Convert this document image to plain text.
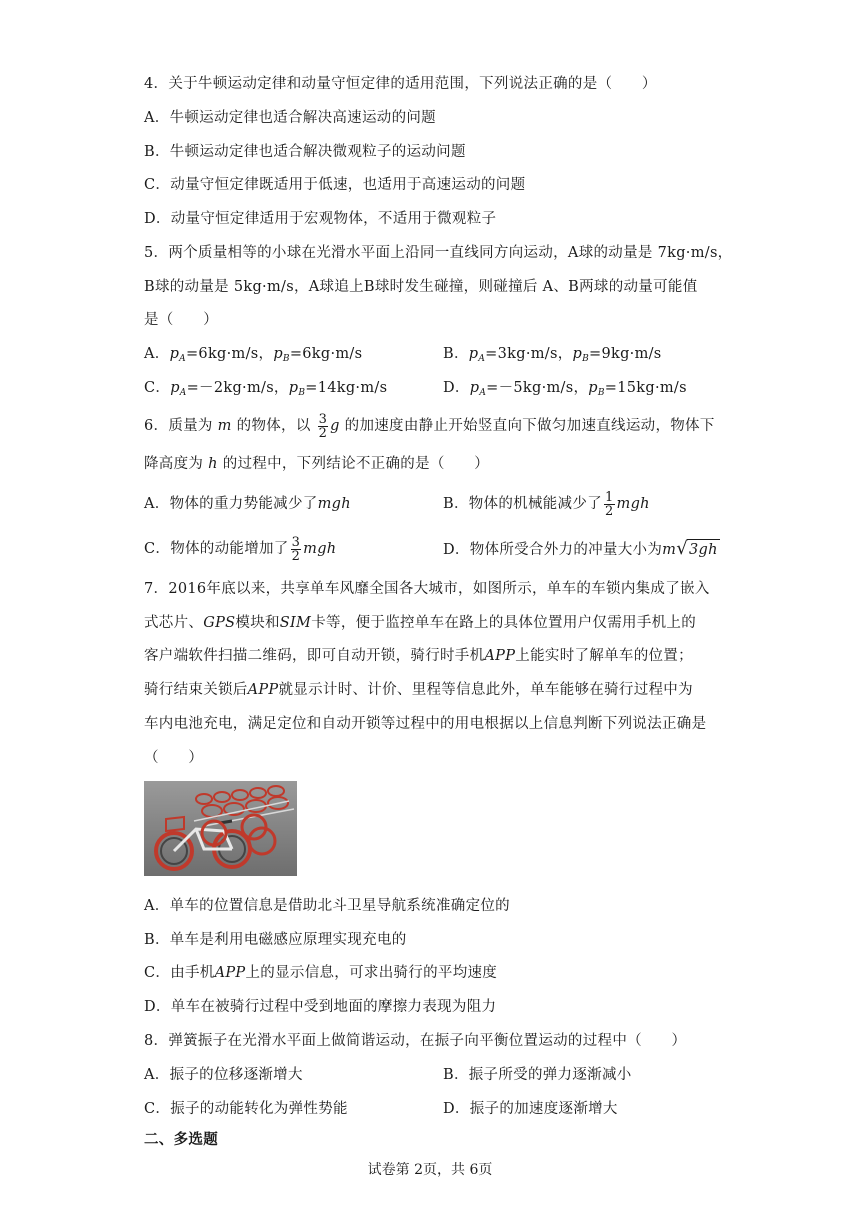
4．关于牛顿运动定律和动量守恒定律的适用范围，下列说法正确的是（　　）
A．牛顿运动定律也适合解决高速运动的问题
B．牛顿运动定律也适合解决微观粒子的运动问题
C．动量守恒定律既适用于低速，也适用于高速运动的问题
D．动量守恒定律适用于宏观物体，不适用于微观粒子
5．两个质量相等的小球在光滑水平面上沿同一直线同方向运动，A球的动量是 7kg·m/s，
B球的动量是 5kg·m/s，A球追上B球时发生碰撞，则碰撞后 A、B两球的动量可能值
是（　　）
A．$p_A=6kg\cdot m/s$，$p_B=6kg\cdot m/s$	B．$p_A=3kg\cdot m/s$，$p_B=9kg\cdot m/s$
C．$p_A=-2kg\cdot m/s$，$p_B=14kg\cdot m/s$	D．$p_A=-5kg\cdot m/s$，$p_B=15kg\cdot m/s$
6．质量为 m 的物体，以 $\frac{3}{2}$ g 的加速度由静止开始竖直向下做匀加速直线运动，物体下
降高度为 h 的过程中，下列结论不正确的是（　　）
A．物体的重力势能减少了mgh	B．物体的机械能减少了 $\frac{1}{2}$ mgh
C．物体的动能增加了 $\frac{3}{2}$ mgh	D．物体所受合外力的冲量大小为m√3gh
7．2016年底以来，共享单车风靡全国各大城市，如图所示，单车的车锁内集成了嵌入
式芯片、GPS模块和SIM卡等，便于监控单车在路上的具体位置用户仅需用手机上的
客户端软件扫描二维码，即可自动开锁，骑行时手机APP上能实时了解单车的位置；
骑行结束关锁后APP就显示计时、计价、里程等信息此外，单车能够在骑行过程中为
车内电池充电，满足定位和自动开锁等过程中的用电根据以上信息判断下列说法正确是
（　　）
A．单车的位置信息是借助北斗卫星导航系统准确定位的
B．单车是利用电磁感应原理实现充电的
C．由手机APP上的显示信息，可求出骑行的平均速度
D．单车在被骑行过程中受到地面的摩擦力表现为阻力
8．弹簧振子在光滑水平面上做简谐运动，在振子向平衡位置运动的过程中（　　）
A．振子的位移逐渐增大	B．振子所受的弹力逐渐减小
C．振子的动能转化为弹性势能	D．振子的加速度逐渐增大
二、多选题
试卷第 2页，共 6页
